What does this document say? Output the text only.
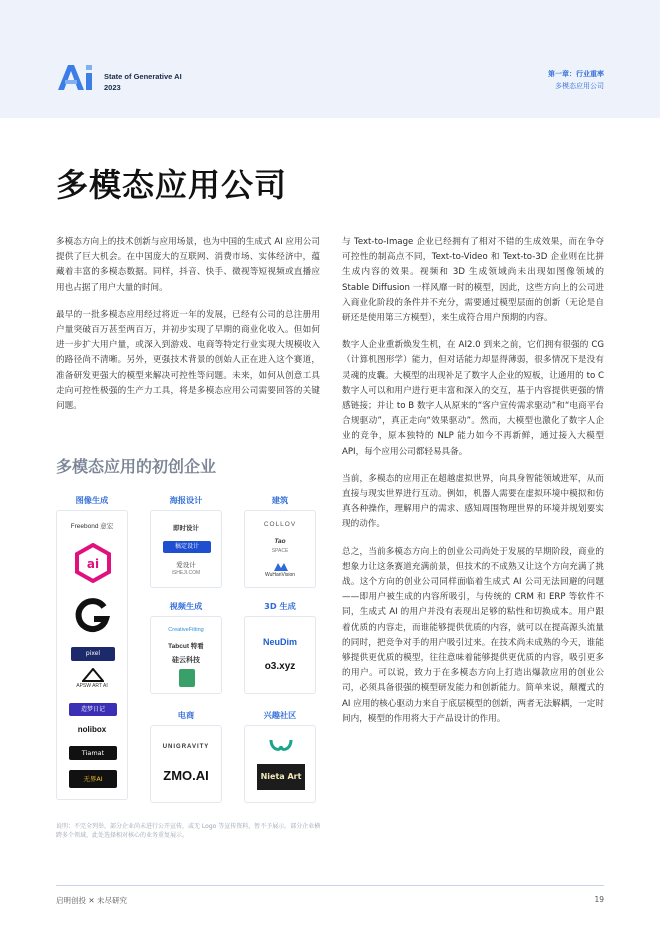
State of Generative AI
2023
第一章：行业重率
多模态应用公司
多模态应用公司

多模态方向上的技术创新与应用场景，也为中国的生成式 AI 应用公司提供了巨大机会。在中国庞大的互联网、消费市场、实体经济中，蕴藏着丰富的多模态数据。同样，抖音、快手、微视等短视频或直播应用也占据了用户大量的时间。

最早的一批多模态应用经过将近一年的发展，已经有公司的总注册用户量突破百万甚至两百万，并初步实现了早期的商业化收入。但如何进一步扩大用户量，或深入到游戏、电商等特定行业实现大规模收入的路径尚不清晰。另外，更强技术背景的创始人正在进入这个赛道，准备研发更强大的模型来解决可控性等问题。未来，如何从创意工具走向可控性极强的生产力工具，将是多模态应用公司需要回答的关键问题。

与 Text-to-Image 企业已经拥有了相对不错的生成效果，而在争夺可控性的制高点不同，Text-to-Video 和 Text-to-3D 企业则在比拼生成内容的效果。视频和 3D 生成领域尚未出现如图像领域的 Stable Diffusion 一样风靡一时的模型，因此，这些方向上的公司进入商业化阶段的条件并不充分，需要通过模型层面的创新（无论是自研还是使用第三方模型），来生成符合用户预期的内容。

数字人企业重新焕发生机，在 AI2.0 到来之前，它们拥有很强的 CG（计算机图形学）能力，但对话能力却显得薄弱，很多情况下是没有灵魂的皮囊。大模型的出现补足了数字人企业的短板，让通用的 to C 数字人可以和用户进行更丰富和深入的交互，基于内容提供更强的情感链接；并让 to B 数字人从原来的“客户宣传需求驱动”和“电商平台合规驱动”，真正走向“效果驱动”。然而，大模型也激化了数字人企业的竞争，原本独特的 NLP 能力如今不再新鲜，通过接入大模型 API，每个应用公司都轻易具备。

当前，多模态的应用正在超越虚拟世界，向具身智能领域进军，从而直接与现实世界进行互动。例如，机器人需要在虚拟环境中模拟和仿真各种操作，理解用户的需求、感知周围物理世界的环境并规划要实现的动作。

总之，当前多模态方向上的创业公司尚处于发展的早期阶段，商业的想象力让这条赛道充满前景，但技术的不成熟又让这个方向充满了挑战。这个方向的创业公司同样面临着生成式 AI 公司无法回避的问题——即用户被生成的内容所吸引，与传统的 CRM 和 ERP 等软件不同，生成式 AI 的用户并没有表现出足够的粘性和切换成本。用户跟着优质的内容走，而谁能够提供优质的内容，就可以在提高源头流量的同时，把竞争对手的用户吸引过来。在技术尚未成熟的今天，谁能够提供更优质的模型，往往意味着能够提供更优质的内容，吸引更多的用户。可以说，致力于在多模态方向上打造出爆款应用的创业公司，必须具备很强的模型研发能力和创新能力。简单来说，颠覆式的 AI 应用的核心驱动力来自于底层模型的创新，两者无法解耦，一定时间内，模型的作用将大于产品设计的作用。

多模态应用的初创企业
图像生成	海报设计	建筑
视频生成	3D 生成
电商	兴趣社区
Freebond 意宏
ai
pixel
APSW ART AI
造梦日记
nolibox
Tiamat
无界AI
即时设计
稿定设计
爱设计
iSHEJI.COM
COLLOV
Tao
SPACE
WuHanVision
CreativeFitting
Tabcut 特看
硅云科技
NeuDim
o3.xyz
UNIGRAVITY
ZMO.AI	Nieta Art
说明：不完全列举，部分企业尚未进行公开宣传，或无 Logo 等宣传资料，暂不予展示。部分企业横跨多个领域，此处选择相对核心的业务重复展示。
启明创投 ✕ 未尽研究	19
